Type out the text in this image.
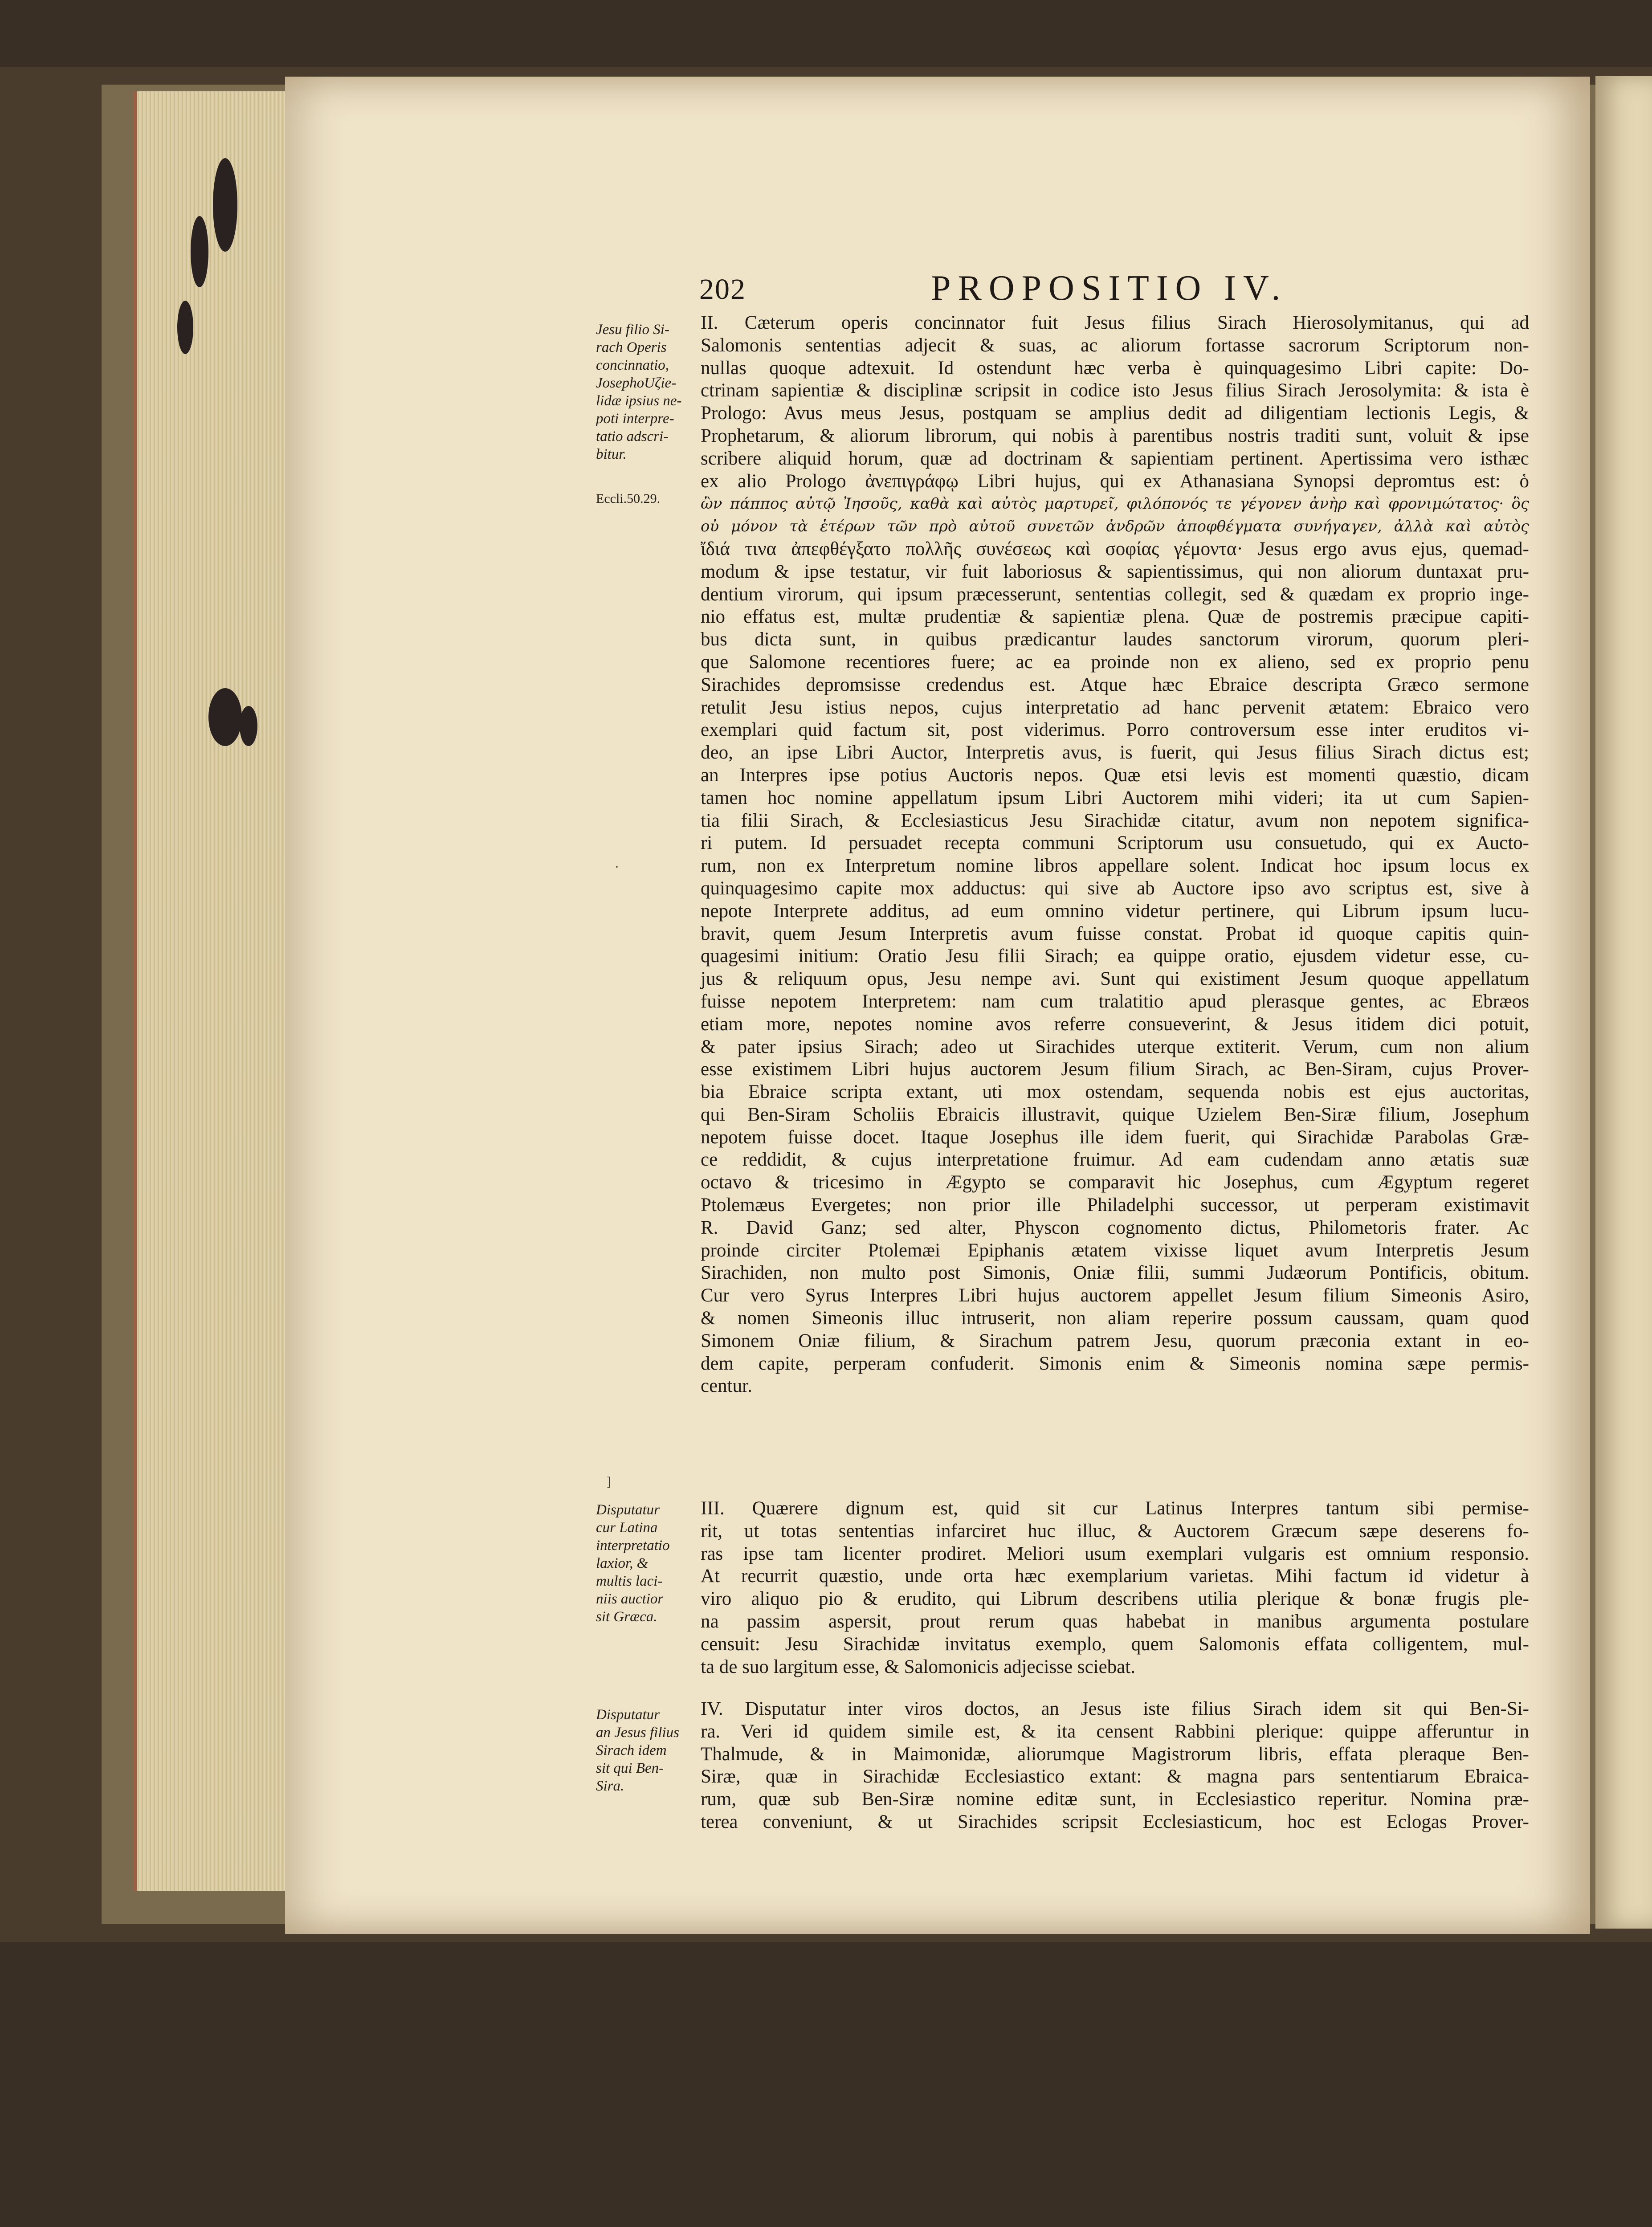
202	PROPOSITIO IV.
Jesu filio Si-
rach Operis
concinnatio,
JosephoUζie-
lidæ ipsius ne-
poti interpre-
tatio adscri-
bitur.
Eccli.50.29.
Disputatur
cur Latina
interpretatio
laxior, &
multis laci-
niis auctior
sit Græca.
Disputatur
an Jesus filius
Sirach idem
sit qui Ben-
Sira.
·
]

II. Cæterum operis concinnator fuit Jesus filius Sirach Hierosolymitanus, qui ad

Salomonis sententias adjecit & suas, ac aliorum fortasse sacrorum Scriptorum non-

nullas quoque adtexuit. Id ostendunt hæc verba è quinquagesimo Libri capite: Do-

ctrinam sapientiæ & disciplinæ scripsit in codice isto Jesus filius Sirach Jerosolymita: & ista è

Prologo: Avus meus Jesus, postquam se amplius dedit ad diligentiam lectionis Legis, &

Prophetarum, & aliorum librorum, qui nobis à parentibus nostris traditi sunt, voluit & ipse

scribere aliquid horum, quæ ad doctrinam & sapientiam pertinent. Apertissima vero isthæc

ex alio Prologo ἀνεπιγράφῳ Libri hujus, qui ex Athanasiana Synopsi depromtus est: ὁ

ὢν πάππος αὐτῷ Ἰησοῦς, καθὰ καὶ αὐτὸς μαρτυρεῖ, φιλόπονός τε γέγονεν ἀνὴρ καὶ φρονιμώτατος· ὃς

οὐ μόνον τὰ ἑτέρων τῶν πρὸ αὐτοῦ συνετῶν ἀνδρῶν ἀποφθέγματα συνήγαγεν, ἀλλὰ καὶ αὐτὸς

ἴδιά τινα ἀπεφθέγξατο πολλῆς συνέσεως καὶ σοφίας γέμοντα· Jesus ergo avus ejus, quemad-

modum & ipse testatur, vir fuit laboriosus & sapientissimus, qui non aliorum duntaxat pru-

dentium virorum, qui ipsum præcesserunt, sententias collegit, sed & quædam ex proprio inge-

nio effatus est, multæ prudentiæ & sapientiæ plena. Quæ de postremis præcipue capiti-

bus dicta sunt, in quibus prædicantur laudes sanctorum virorum, quorum pleri-

que Salomone recentiores fuere; ac ea proinde non ex alieno, sed ex proprio penu

Sirachides depromsisse credendus est. Atque hæc Ebraice descripta Græco sermone

retulit Jesu istius nepos, cujus interpretatio ad hanc pervenit ætatem: Ebraico vero

exemplari quid factum sit, post viderimus. Porro controversum esse inter eruditos vi-

deo, an ipse Libri Auctor, Interpretis avus, is fuerit, qui Jesus filius Sirach dictus est;

an Interpres ipse potius Auctoris nepos. Quæ etsi levis est momenti quæstio, dicam

tamen hoc nomine appellatum ipsum Libri Auctorem mihi videri; ita ut cum Sapien-

tia filii Sirach, & Ecclesiasticus Jesu Sirachidæ citatur, avum non nepotem significa-

ri putem. Id persuadet recepta communi Scriptorum usu consuetudo, qui ex Aucto-

rum, non ex Interpretum nomine libros appellare solent. Indicat hoc ipsum locus ex

quinquagesimo capite mox adductus: qui sive ab Auctore ipso avo scriptus est, sive à

nepote Interprete additus, ad eum omnino videtur pertinere, qui Librum ipsum lucu-

bravit, quem Jesum Interpretis avum fuisse constat. Probat id quoque capitis quin-

quagesimi initium: Oratio Jesu filii Sirach; ea quippe oratio, ejusdem videtur esse, cu-

jus & reliquum opus, Jesu nempe avi. Sunt qui existiment Jesum quoque appellatum

fuisse nepotem Interpretem: nam cum tralatitio apud plerasque gentes, ac Ebræos

etiam more, nepotes nomine avos referre consueverint, & Jesus itidem dici potuit,

& pater ipsius Sirach; adeo ut Sirachides uterque extiterit. Verum, cum non alium

esse existimem Libri hujus auctorem Jesum filium Sirach, ac Ben-Siram, cujus Prover-

bia Ebraice scripta extant, uti mox ostendam, sequenda nobis est ejus auctoritas,

qui Ben-Siram Scholiis Ebraicis illustravit, quique Uzielem Ben-Siræ filium, Josephum

nepotem fuisse docet. Itaque Josephus ille idem fuerit, qui Sirachidæ Parabolas Græ-

ce reddidit, & cujus interpretatione fruimur. Ad eam cudendam anno ætatis suæ

octavo & tricesimo in Ægypto se comparavit hic Josephus, cum Ægyptum regeret

Ptolemæus Evergetes; non prior ille Philadelphi successor, ut perperam existimavit

R. David Ganz; sed alter, Physcon cognomento dictus, Philometoris frater. Ac

proinde circiter Ptolemæi Epiphanis ætatem vixisse liquet avum Interpretis Jesum

Sirachiden, non multo post Simonis, Oniæ filii, summi Judæorum Pontificis, obitum.

Cur vero Syrus Interpres Libri hujus auctorem appellet Jesum filium Simeonis Asiro,

& nomen Simeonis illuc intruserit, non aliam reperire possum caussam, quam quod

Simonem Oniæ filium, & Sirachum patrem Jesu, quorum præconia extant in eo-

dem capite, perperam confuderit. Simonis enim & Simeonis nomina sæpe permis-

centur.

III. Quærere dignum est, quid sit cur Latinus Interpres tantum sibi permise-

rit, ut totas sententias infarciret huc illuc, & Auctorem Græcum sæpe deserens fo-

ras ipse tam licenter prodiret. Meliori usum exemplari vulgaris est omnium responsio.

At recurrit quæstio, unde orta hæc exemplarium varietas. Mihi factum id videtur à

viro aliquo pio & erudito, qui Librum describens utilia plerique & bonæ frugis ple-

na passim aspersit, prout rerum quas habebat in manibus argumenta postulare

censuit: Jesu Sirachidæ invitatus exemplo, quem Salomonis effata colligentem, mul-

ta de suo largitum esse, & Salomonicis adjecisse sciebat.

IV. Disputatur inter viros doctos, an Jesus iste filius Sirach idem sit qui Ben-Si-

ra. Veri id quidem simile est, & ita censent Rabbini plerique: quippe afferuntur in

Thalmude, & in Maimonidæ, aliorumque Magistrorum libris, effata pleraque Ben-

Siræ, quæ in Sirachidæ Ecclesiastico extant: & magna pars sententiarum Ebraica-

rum, quæ sub Ben-Siræ nomine editæ sunt, in Ecclesiastico reperitur. Nomina præ-

terea conveniunt, & ut Sirachides scripsit Ecclesiasticum, hoc est Eclogas Prover-
